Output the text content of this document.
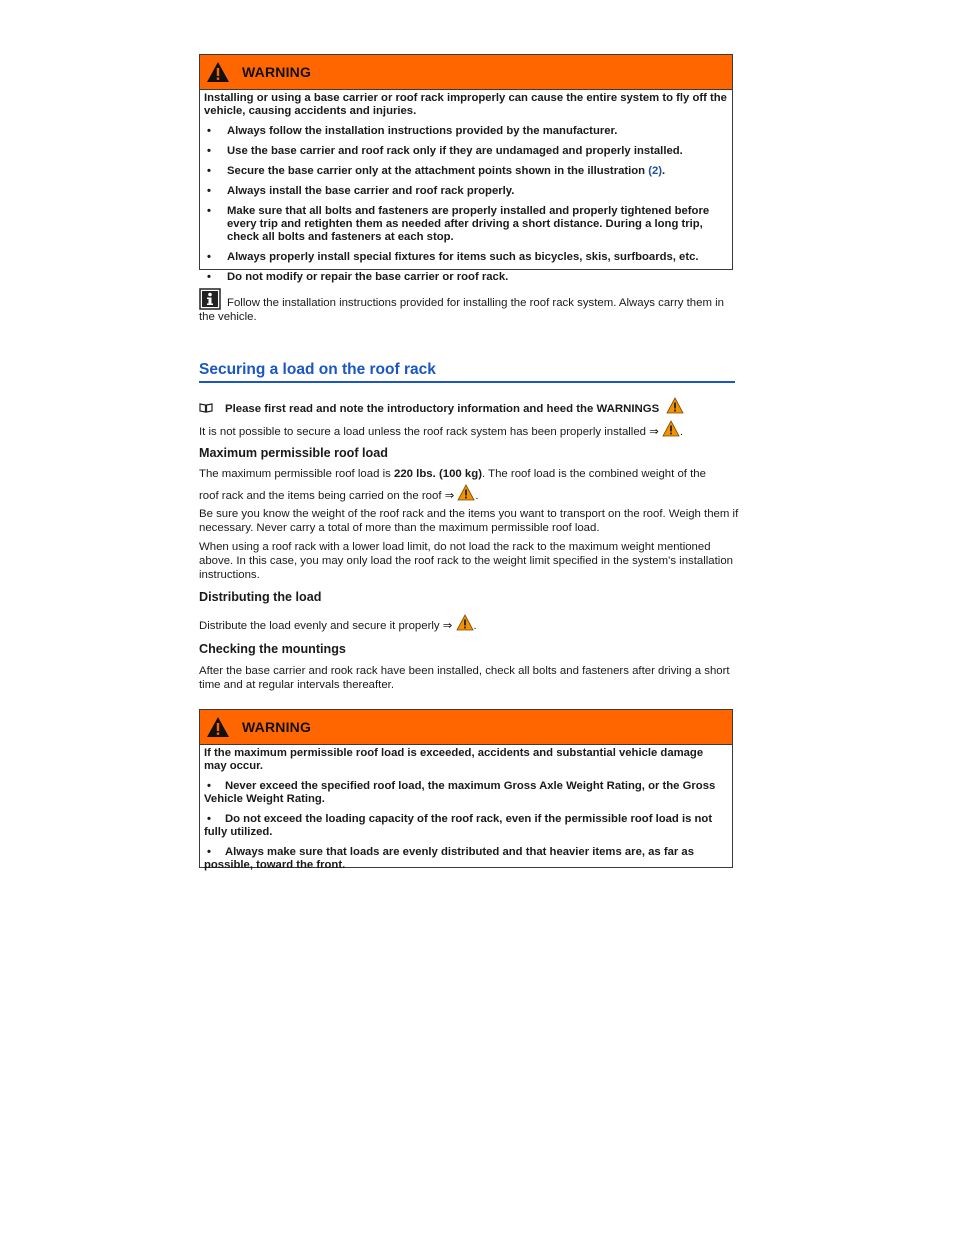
WARNING

Installing or using a base carrier or roof rack improperly can cause the entire system to fly off the vehicle, causing accidents and injuries.

• Always follow the installation instructions provided by the manufacturer.
• Use the base carrier and roof rack only if they are undamaged and properly installed.
• Secure the base carrier only at the attachment points shown in the illustration (2).
• Always install the base carrier and roof rack properly.
• Make sure that all bolts and fasteners are properly installed and properly tightened before every trip and retighten them as needed after driving a short distance. During a long trip, check all bolts and fasteners at each stop.
• Always properly install special fixtures for items such as bicycles, skis, surfboards, etc.
• Do not modify or repair the base carrier or roof rack.
Follow the installation instructions provided for installing the roof rack system. Always carry them in the vehicle.
Securing a load on the roof rack
Please first read and note the introductory information and heed the WARNINGS
It is not possible to secure a load unless the roof rack system has been properly installed ⇒ .
Maximum permissible roof load
The maximum permissible roof load is 220 lbs. (100 kg). The roof load is the combined weight of the
roof rack and the items being carried on the roof ⇒ .
Be sure you know the weight of the roof rack and the items you want to transport on the roof. Weigh them if necessary. Never carry a total of more than the maximum permissible roof load.
When using a roof rack with a lower load limit, do not load the rack to the maximum weight mentioned above. In this case, you may only load the roof rack to the weight limit specified in the system's installation instructions.
Distributing the load
Distribute the load evenly and secure it properly ⇒ .
Checking the mountings
After the base carrier and rook rack have been installed, check all bolts and fasteners after driving a short time and at regular intervals thereafter.
WARNING

If the maximum permissible roof load is exceeded, accidents and substantial vehicle damage may occur.

• Never exceed the specified roof load, the maximum Gross Axle Weight Rating, or the Gross Vehicle Weight Rating.
• Do not exceed the loading capacity of the roof rack, even if the permissible roof load is not fully utilized.
• Always make sure that loads are evenly distributed and that heavier items are, as far as possible, toward the front.
